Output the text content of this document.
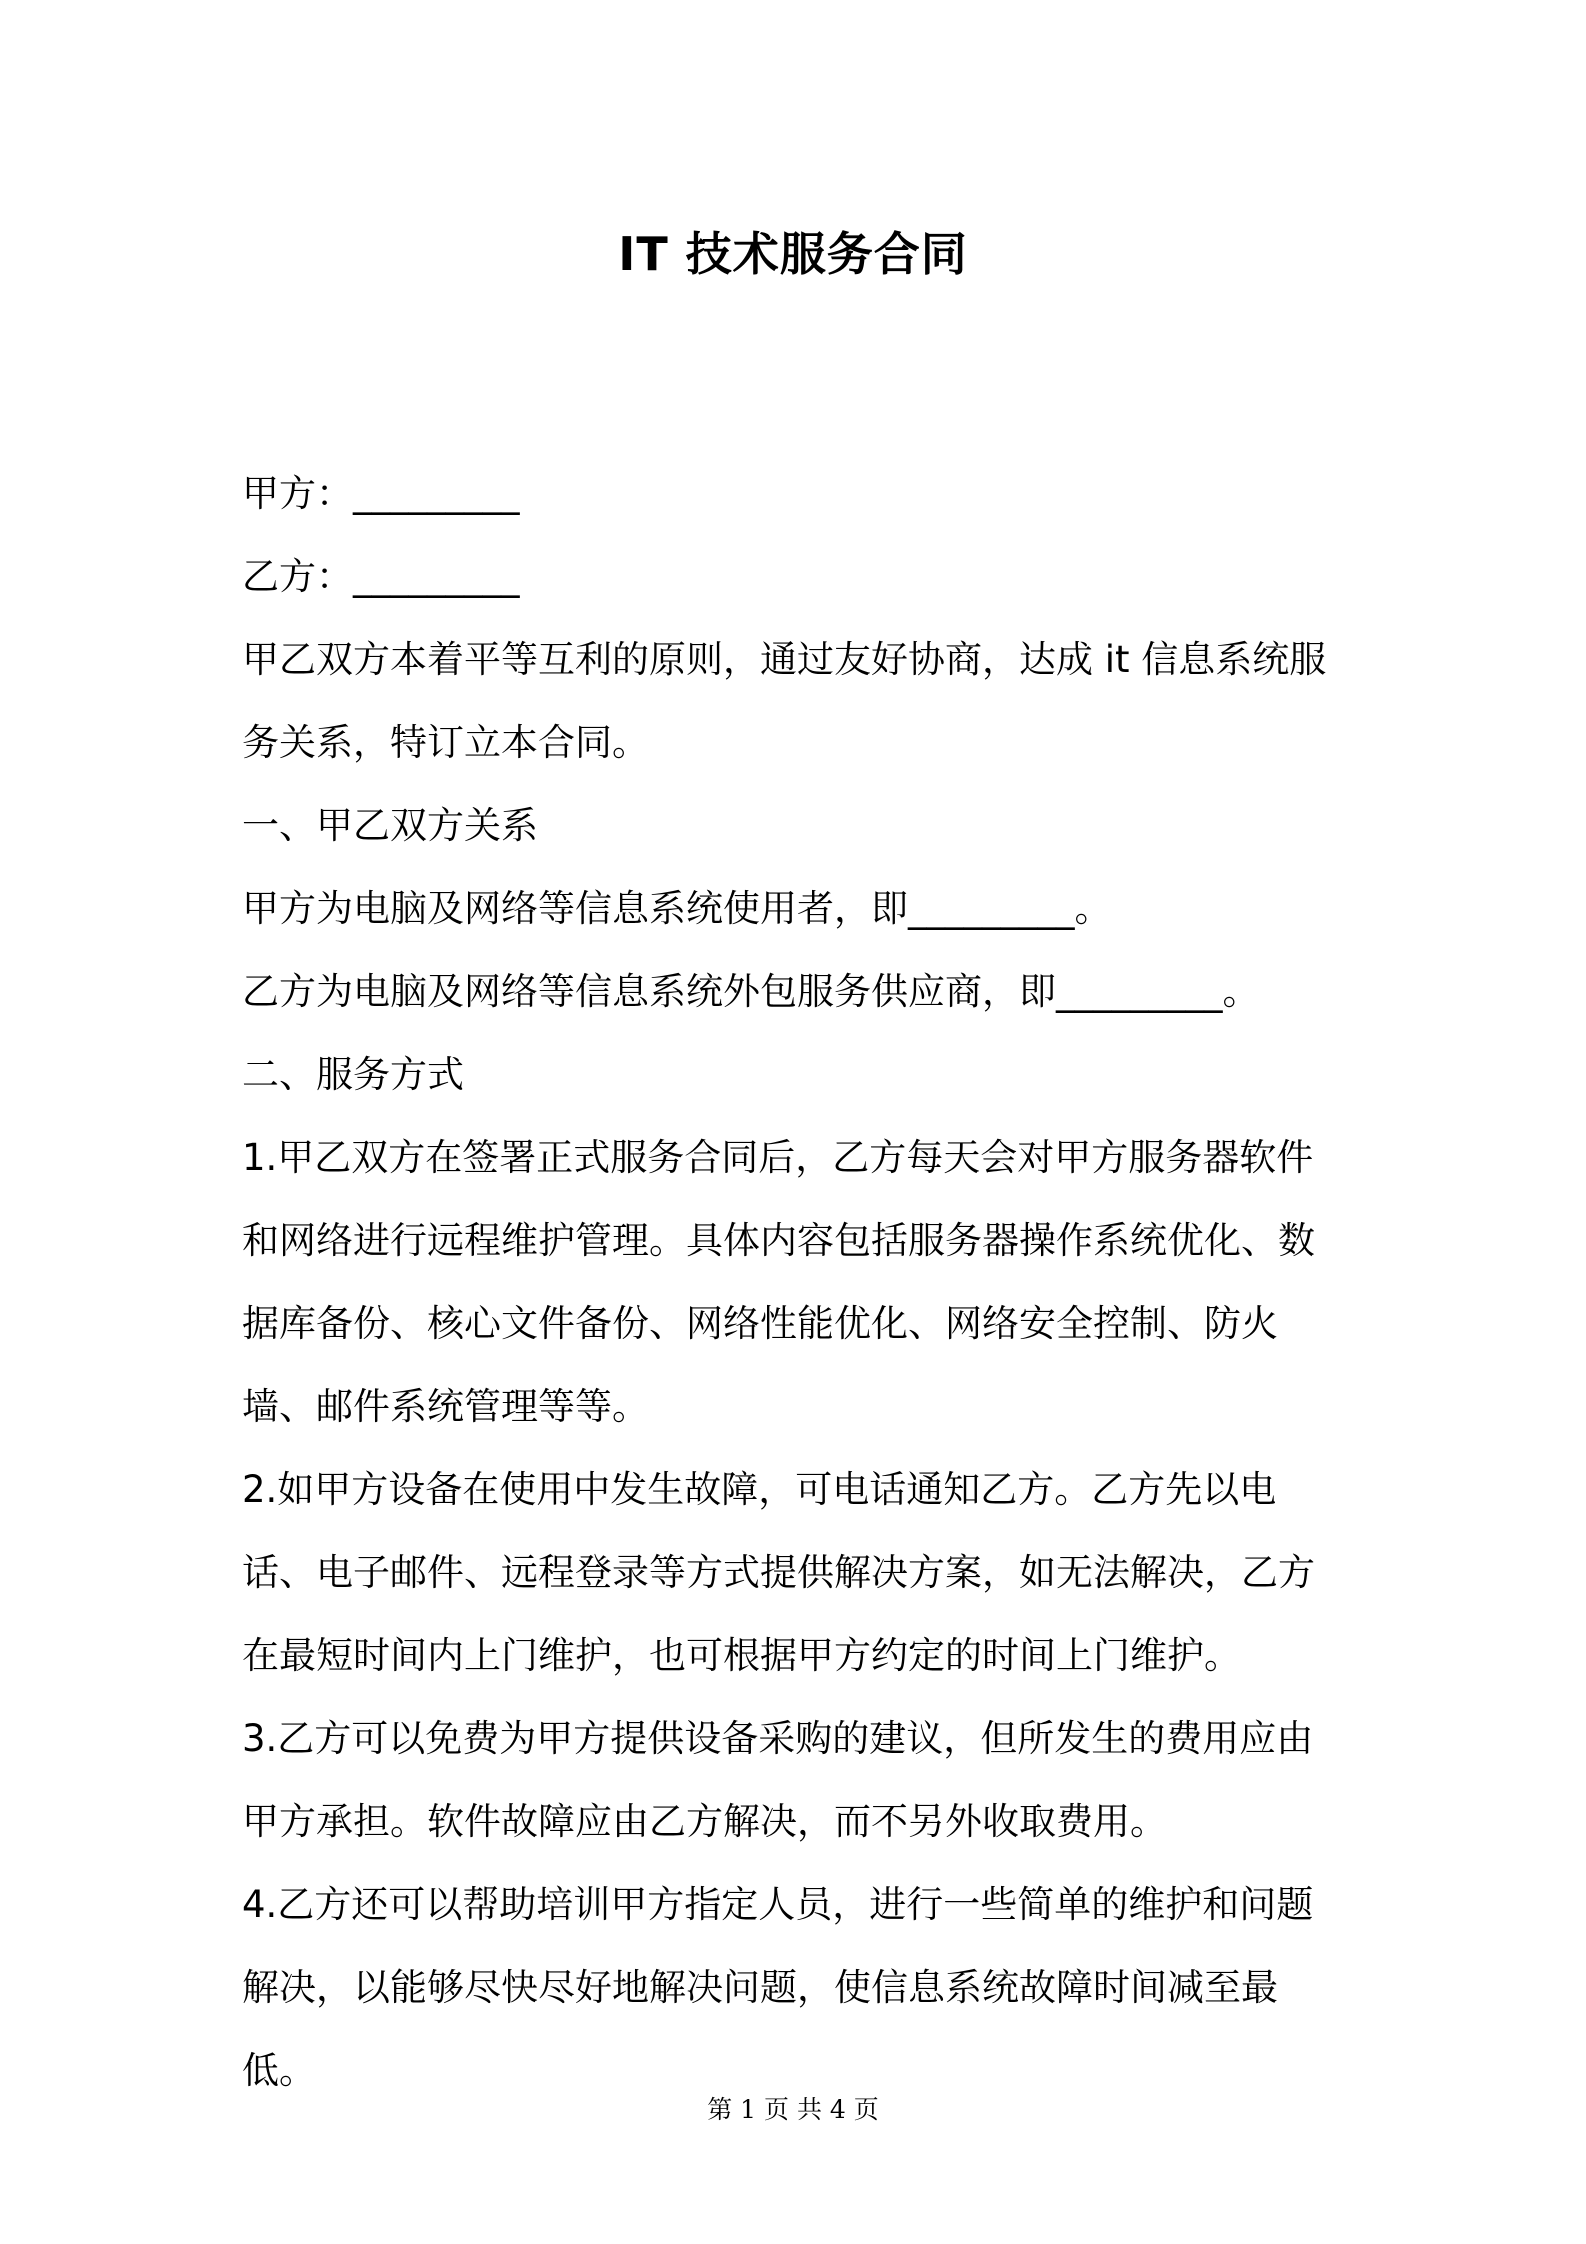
IT 技术服务合同

甲方：_________

乙方：_________

甲乙双方本着平等互利的原则，通过友好协商，达成 it 信息系统服务关系，特订立本合同。

一、甲乙双方关系

甲方为电脑及网络等信息系统使用者，即_________。

乙方为电脑及网络等信息系统外包服务供应商，即_________。

二、服务方式

1.甲乙双方在签署正式服务合同后，乙方每天会对甲方服务器软件和网络进行远程维护管理。具体内容包括服务器操作系统优化、数据库备份、核心文件备份、网络性能优化、网络安全控制、防火墙、邮件系统管理等等。

2.如甲方设备在使用中发生故障，可电话通知乙方。乙方先以电话、电子邮件、远程登录等方式提供解决方案，如无法解决，乙方在最短时间内上门维护，也可根据甲方约定的时间上门维护。

3.乙方可以免费为甲方提供设备采购的建议，但所发生的费用应由甲方承担。软件故障应由乙方解决，而不另外收取费用。

4.乙方还可以帮助培训甲方指定人员，进行一些简单的维护和问题解决，以能够尽快尽好地解决问题，使信息系统故障时间减至最低。

第 1 页 共 4 页
